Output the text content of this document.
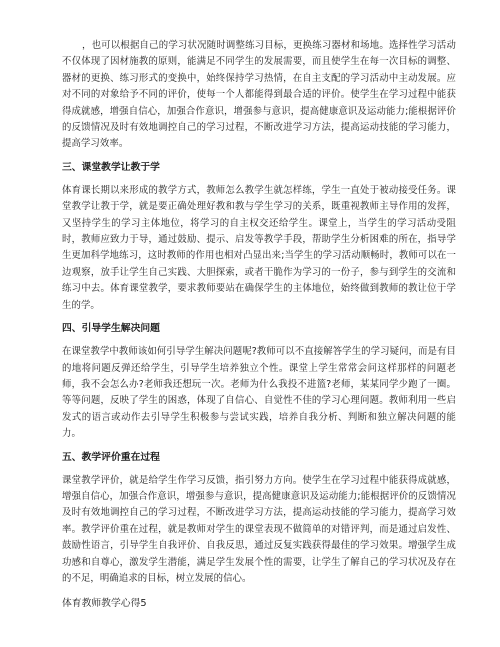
，也可以根据自己的学习状况随时调整练习目标，更换练习器材和场地。选择性学习活动不仅体现了因材施教的原则，能满足不同学生的发展需要，而且使学生在每一次目标的调整、器材的更换、练习形式的变换中，始终保持学习热情，在自主支配的学习活动中主动发展。应对不同的对象给予不同的评价，使每一个人都能得到最合适的评价。使学生在学习过程中能获得成就感，增强自信心，加强合作意识，增强参与意识，提高健康意识及运动能力;能根据评价的反馈情况及时有效地调控自己的学习过程，不断改进学习方法，提高运动技能的学习能力，提高学习效率。

三、课堂教学让教于学

体育课长期以来形成的教学方式，教师怎么教学生就怎样练，学生一直处于被动接受任务。课堂教学让教于学，就是要正确处理好教和教与学生学习的关系，既重视教师主导作用的发挥，又坚持学生的学习主体地位，将学习的自主权交还给学生。课堂上，当学生的学习活动受阻时，教师应致力于导，通过鼓励、提示、启发等教学手段，帮助学生分析困难的所在，指导学生更加科学地练习，这时教师的作用也相对凸显出来;当学生的学习活动顺畅时，教师可以在一边观察，放手让学生自己实践、大胆探索，或者干脆作为学习的一份子，参与到学生的交流和练习中去。体育课堂教学，要求教师要站在确保学生的主体地位，始终做到教师的教让位于学生的学。

四、引导学生解决问题

在课堂教学中教师该如何引导学生解决问题呢?教师可以不直接解答学生的学习疑问，而是有目的地将问题反弹还给学生，引导学生培养独立个性。课堂上学生常常会问这样那样的问题老师，我不会怎么办?老师我还想玩一次。老师为什么我投不进篮?老师，某某同学少跑了一圈。等等问题，反映了学生的困惑，体现了自信心、自觉性不佳的学习心理问题。教师利用一些启发式的语言或动作去引导学生积极参与尝试实践，培养自我分析、判断和独立解决问题的能力。

五、教学评价重在过程

课堂教学评价，就是给学生作学习反馈，指引努力方向。使学生在学习过程中能获得成就感，增强自信心，加强合作意识，增强参与意识，提高健康意识及运动能力;能根据评价的反馈情况及时有效地调控自己的学习过程，不断改进学习方法，提高运动技能的学习能力，提高学习效率。教学评价重在过程，就是教师对学生的课堂表现不做简单的对错评判，而是通过启发性、鼓励性语言，引导学生自我评价、自我反思，通过反复实践获得最佳的学习效果。增强学生成功感和自尊心，激发学生潜能，满足学生发展个性的需要，让学生了解自己的学习状况及存在的不足，明确追求的目标，树立发展的信心。

体育教师教学心得5
